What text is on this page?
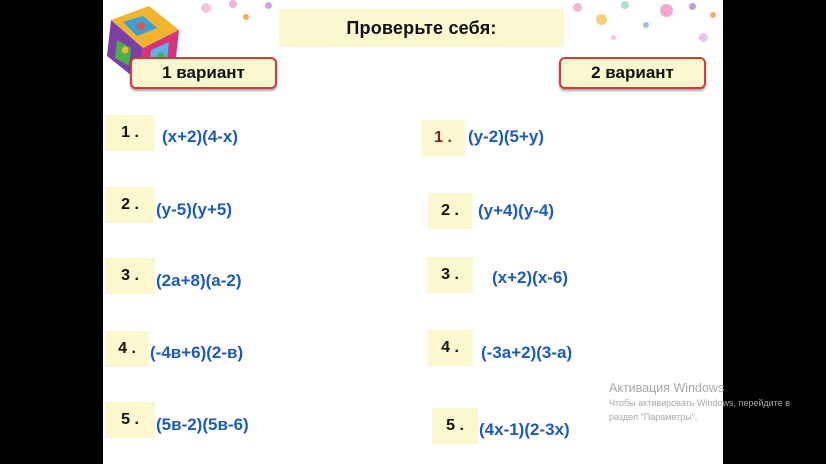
Проверьте себя:
1 вариант	2 вариант
1 .	(х+2)(4-х)
2 .	(у-5)(у+5)
3 .	(2а+8)(а-2)
4 . (-4в+6)(2-в)
5 .	(5в-2)(5в-6)
1 . (у-2)(5+у)
2 .	(у+4)(у-4)
3 .	(х+2)(х-6)
4 .	(-3а+2)(3-а)
5 . (4х-1)(2-3х)
Активация Windows
Чтобы активировать Windows, перейдите в
раздел "Параметры".
